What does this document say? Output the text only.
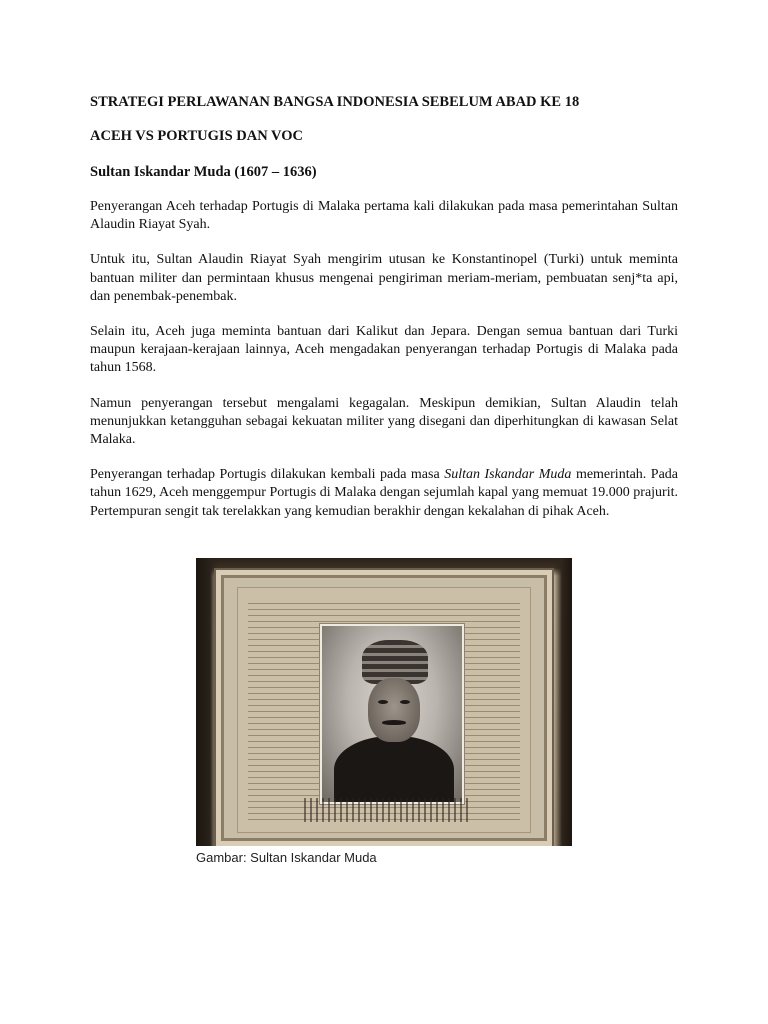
STRATEGI PERLAWANAN BANGSA INDONESIA SEBELUM ABAD KE 18

ACEH VS PORTUGIS DAN VOC

Sultan Iskandar Muda (1607 – 1636)

Penyerangan Aceh terhadap Portugis di Malaka pertama kali dilakukan pada masa pemerintahan Sultan Alaudin Riayat Syah.

Untuk itu, Sultan Alaudin Riayat Syah mengirim utusan ke Konstantinopel (Turki) untuk meminta bantuan militer dan permintaan khusus mengenai pengiriman meriam-meriam, pembuatan senj*ta api, dan penembak-penembak.

Selain itu, Aceh juga meminta bantuan dari Kalikut dan Jepara. Dengan semua bantuan dari Turki maupun kerajaan-kerajaan lainnya, Aceh mengadakan penyerangan terhadap Portugis di Malaka pada tahun 1568.

Namun penyerangan tersebut mengalami kegagalan. Meskipun demikian, Sultan Alaudin telah menunjukkan ketangguhan sebagai kekuatan militer yang disegani dan diperhitungkan di kawasan Selat Malaka.

Penyerangan terhadap Portugis dilakukan kembali pada masa Sultan Iskandar Muda memerintah. Pada tahun 1629, Aceh menggempur Portugis di Malaka dengan sejumlah kapal yang memuat 19.000 prajurit. Pertempuran sengit tak terelakkan yang kemudian berakhir dengan kekalahan di pihak Aceh.

Gambar: Sultan Iskandar Muda
